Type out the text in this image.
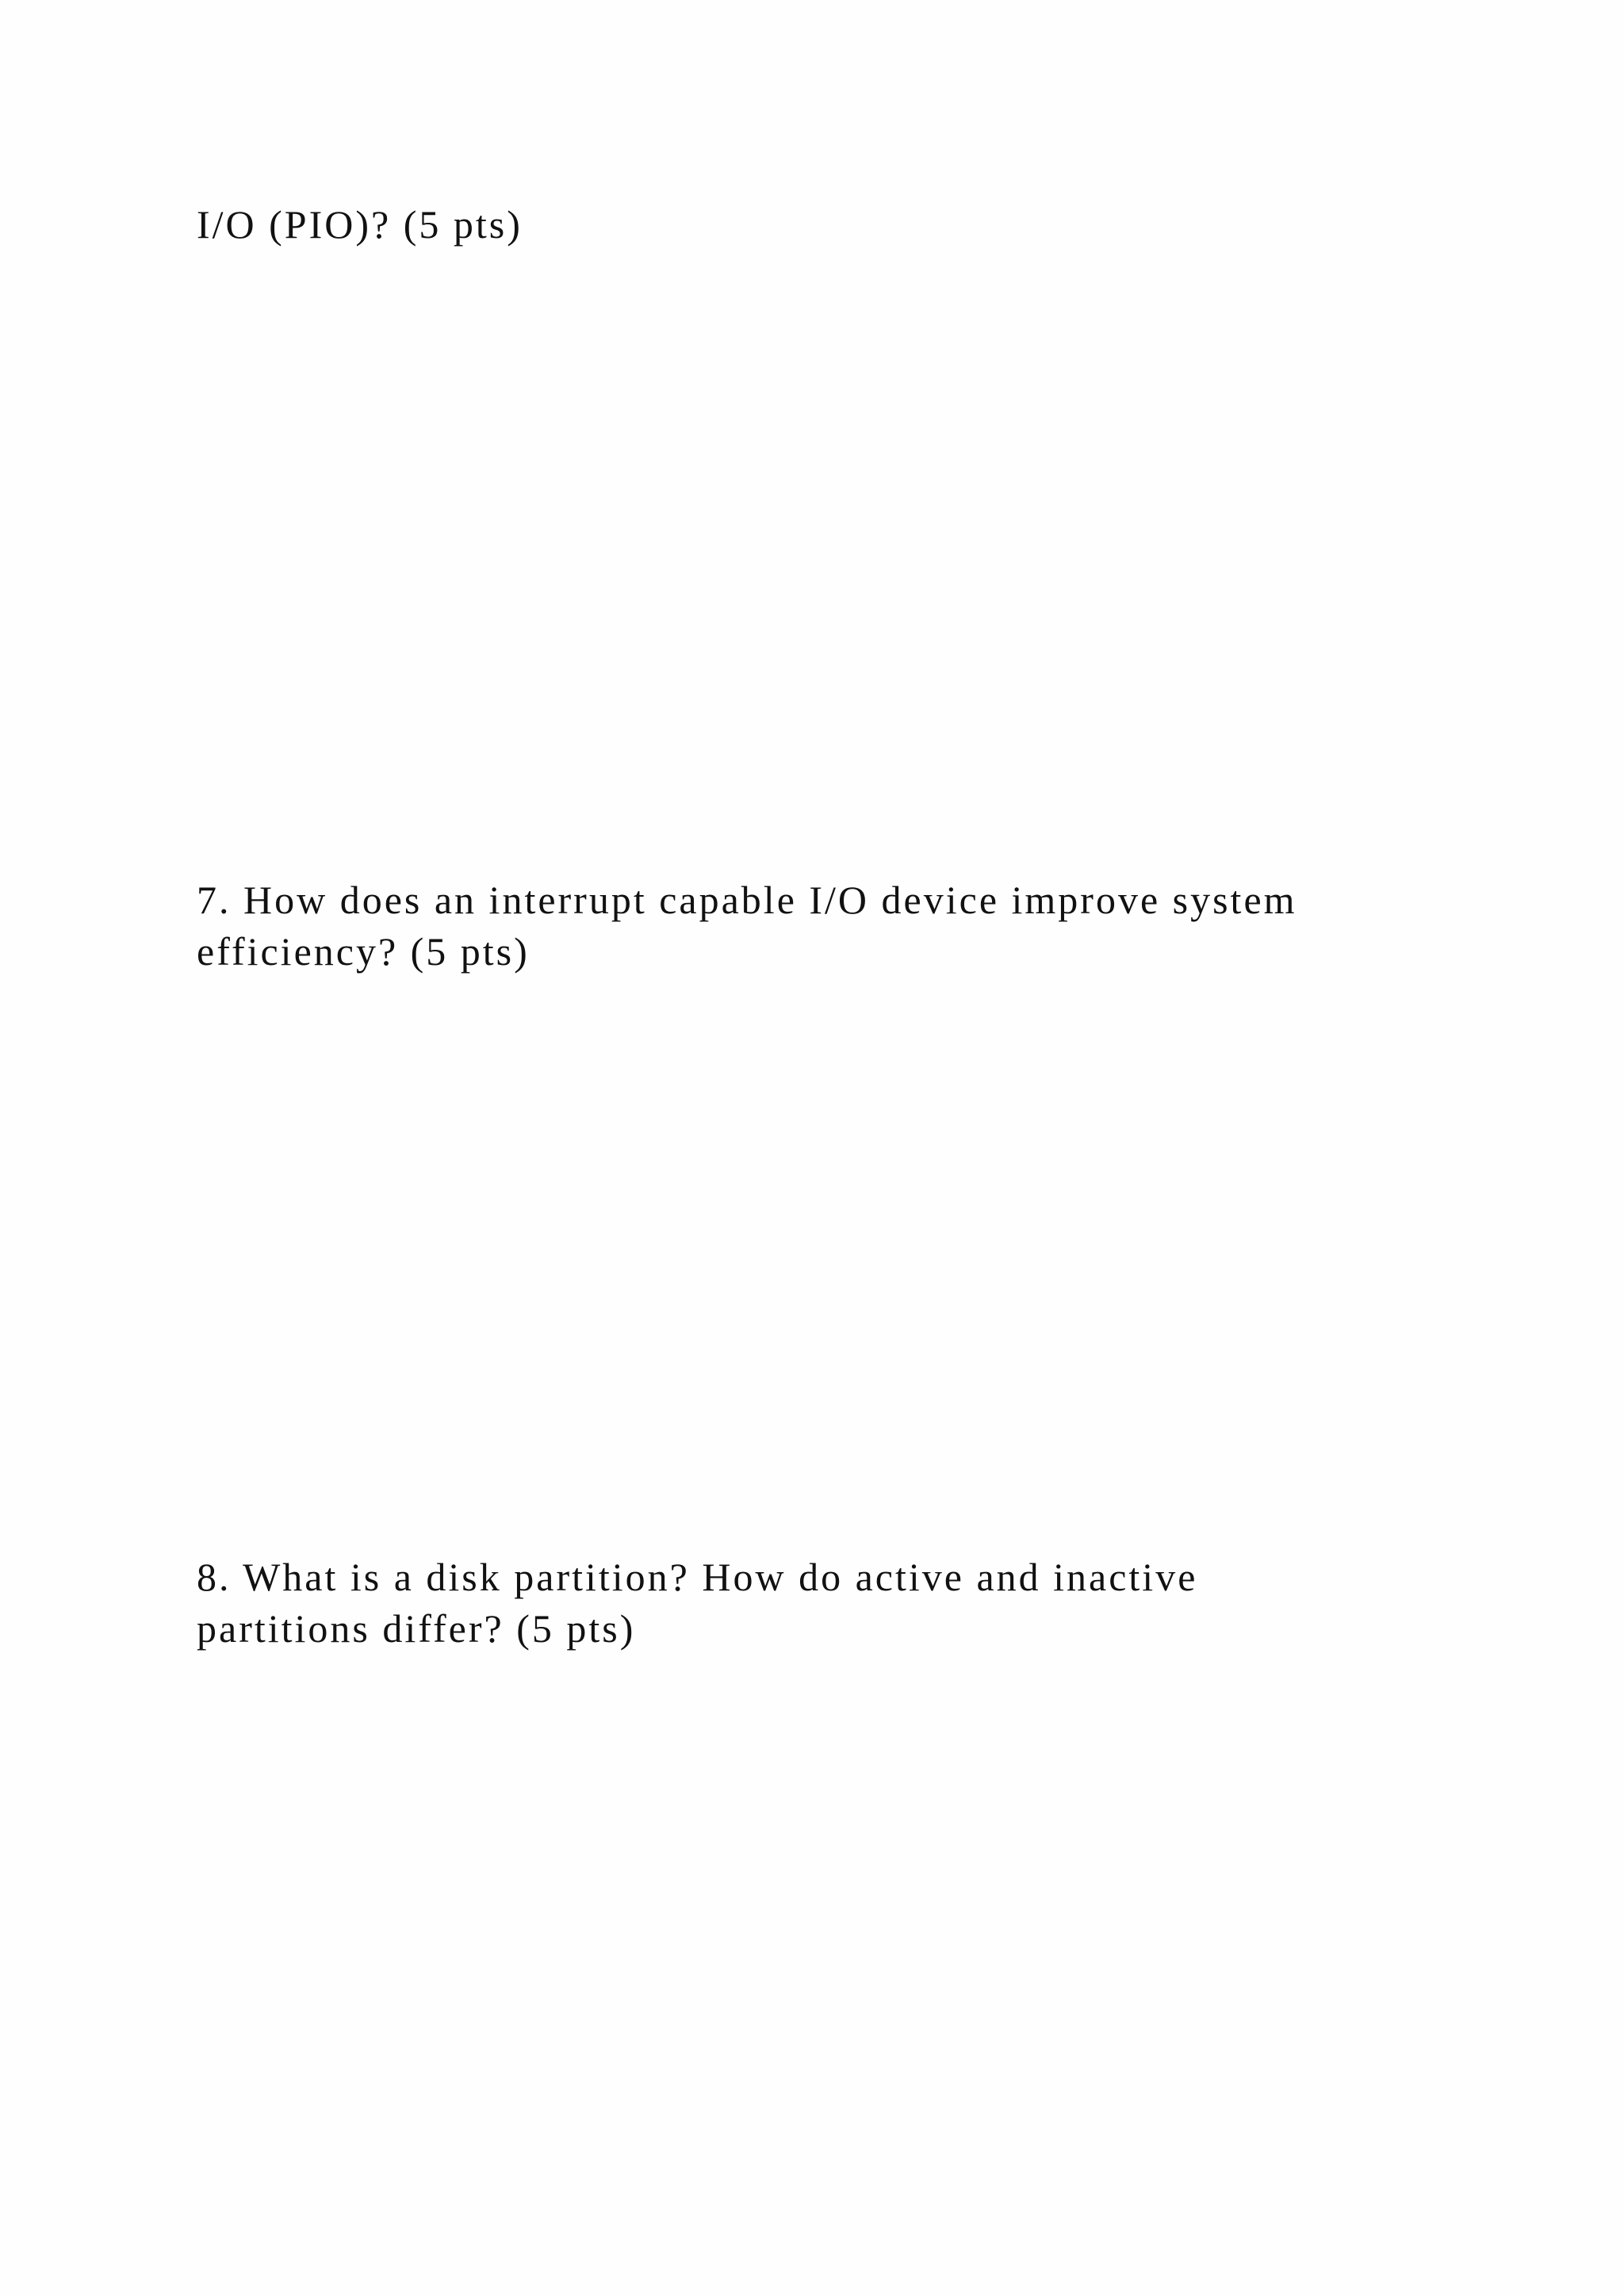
I/O (PIO)? (5 pts)

7. How does an interrupt capable I/O device improve system

efficiency? (5 pts)

8. What is a disk partition? How do active and inactive

partitions differ? (5 pts)
